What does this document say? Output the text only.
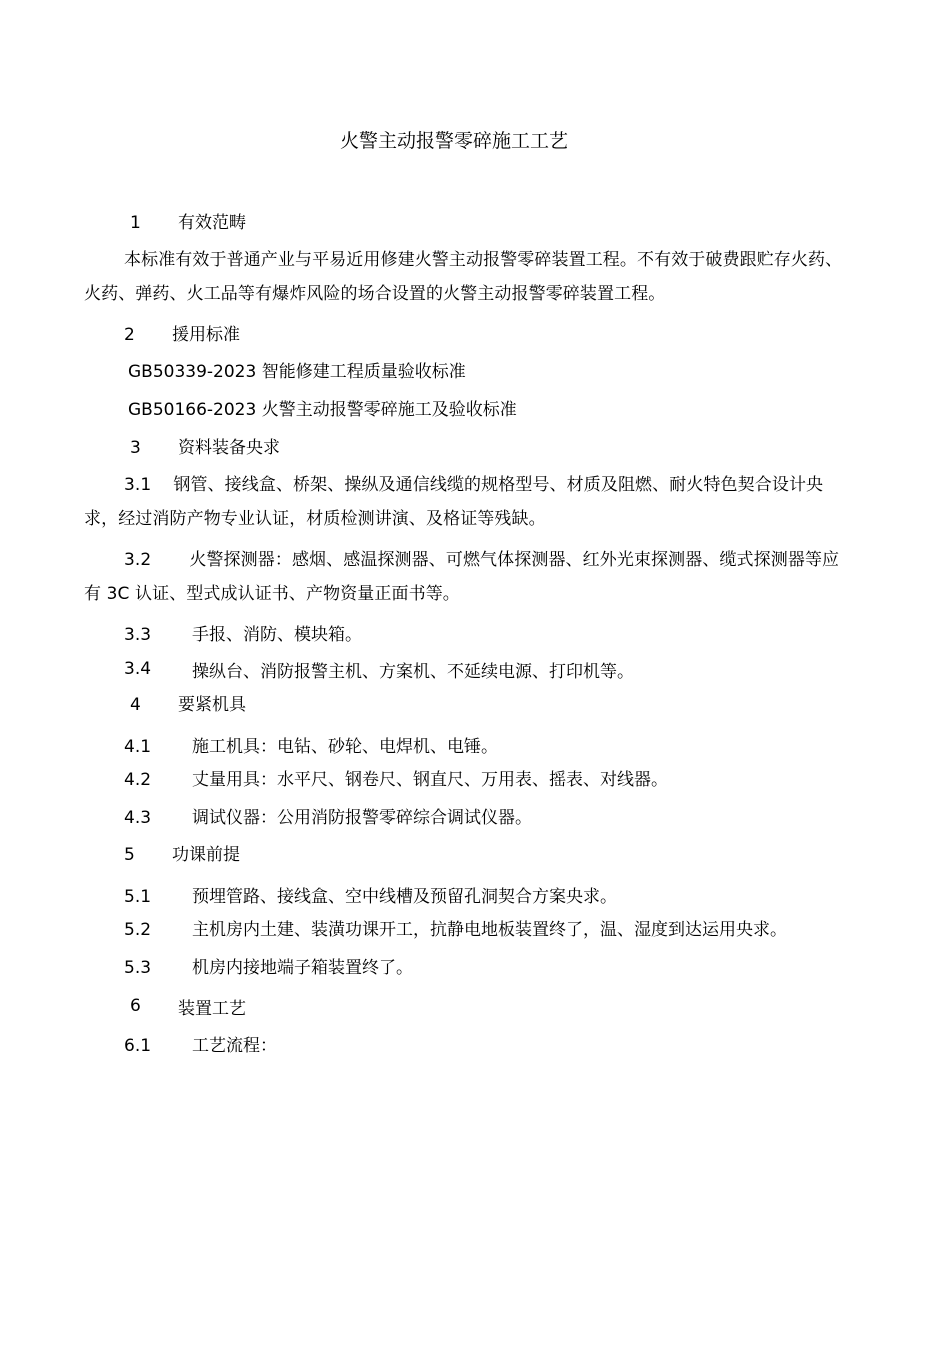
火警主动报警零碎施工工艺
1 有效范畴
本标准有效于普通产业与平易近用修建火警主动报警零碎装置工程。不有效于破费跟贮存火药、火药、弹药、火工品等有爆炸风险的场合设置的火警主动报警零碎装置工程。
2 援用标准
GB50339-2023 智能修建工程质量验收标准
GB50166-2023 火警主动报警零碎施工及验收标准
3 资料装备央求
3.1 钢管、接线盒、桥架、操纵及通信线缆的规格型号、材质及阻燃、耐火特色契合设计央求，经过消防产物专业认证，材质检测讲演、及格证等残缺。
3.2 火警探测器：感烟、感温探测器、可燃气体探测器、红外光束探测器、缆式探测器等应有 3C 认证、型式成认证书、产物资量正面书等。
3.3 手报、消防、模块箱。
3.4 操纵台、消防报警主机、方案机、不延续电源、打印机等。
4 要紧机具
4.1 施工机具：电钻、砂轮、电焊机、电锤。
4.2 丈量用具：水平尺、钢卷尺、钢直尺、万用表、摇表、对线器。
4.3 调试仪器：公用消防报警零碎综合调试仪器。
5 功课前提
5.1 预埋管路、接线盒、空中线槽及预留孔洞契合方案央求。
5.2 主机房内土建、装潢功课开工，抗静电地板装置终了，温、湿度到达运用央求。
5.3 机房内接地端子箱装置终了。
6 装置工艺
6.1 工艺流程：
